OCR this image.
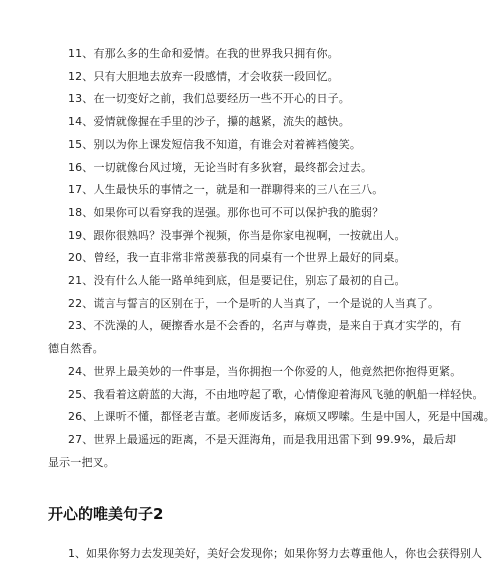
11、有那么多的生命和爱情。在我的世界我只拥有你。
12、只有大胆地去放弃一段感情，才会收获一段回忆。
13、在一切变好之前，我们总要经历一些不开心的日子。
14、爱情就像握在手里的沙子，攥的越紧，流失的越快。
15、别以为你上课发短信我不知道，有谁会对着裤裆傻笑。
16、一切就像台风过境，无论当时有多狄窘，最终都会过去。
17、人生最快乐的事情之一，就是和一群聊得来的三八在三八。
18、如果你可以看穿我的逞强。那你也可不可以保护我的脆弱？
19、跟你很熟吗？没事弹个视频，你当是你家电视啊，一按就出人。
20、曾经，我一直非常非常羡慕我的同桌有一个世界上最好的同桌。
21、没有什么人能一路单纯到底，但是要记住，别忘了最初的自己。
22、谎言与誓言的区别在于，一个是听的人当真了，一个是说的人当真了。
23、不洗澡的人，硬擦香水是不会香的，名声与尊贵，是来自于真才实学的，有德自然香。
24、世界上最美妙的一件事是，当你拥抱一个你爱的人，他竟然把你抱得更紧。
25、我看着这蔚蓝的大海，不由地哼起了歌，心情像迎着海风飞驰的帆船一样轻快。
26、上课听不懂，都怪老吉董。老师废话多，麻烦又啰嗦。生是中国人，死是中国魂。
27、世界上最遥远的距离，不是天涯海角，而是我用迅雷下到 99.9%，最后却显示一把叉。
开心的唯美句子2
1、如果你努力去发现美好，美好会发现你；如果你努力去尊重他人，你也会获得别人
